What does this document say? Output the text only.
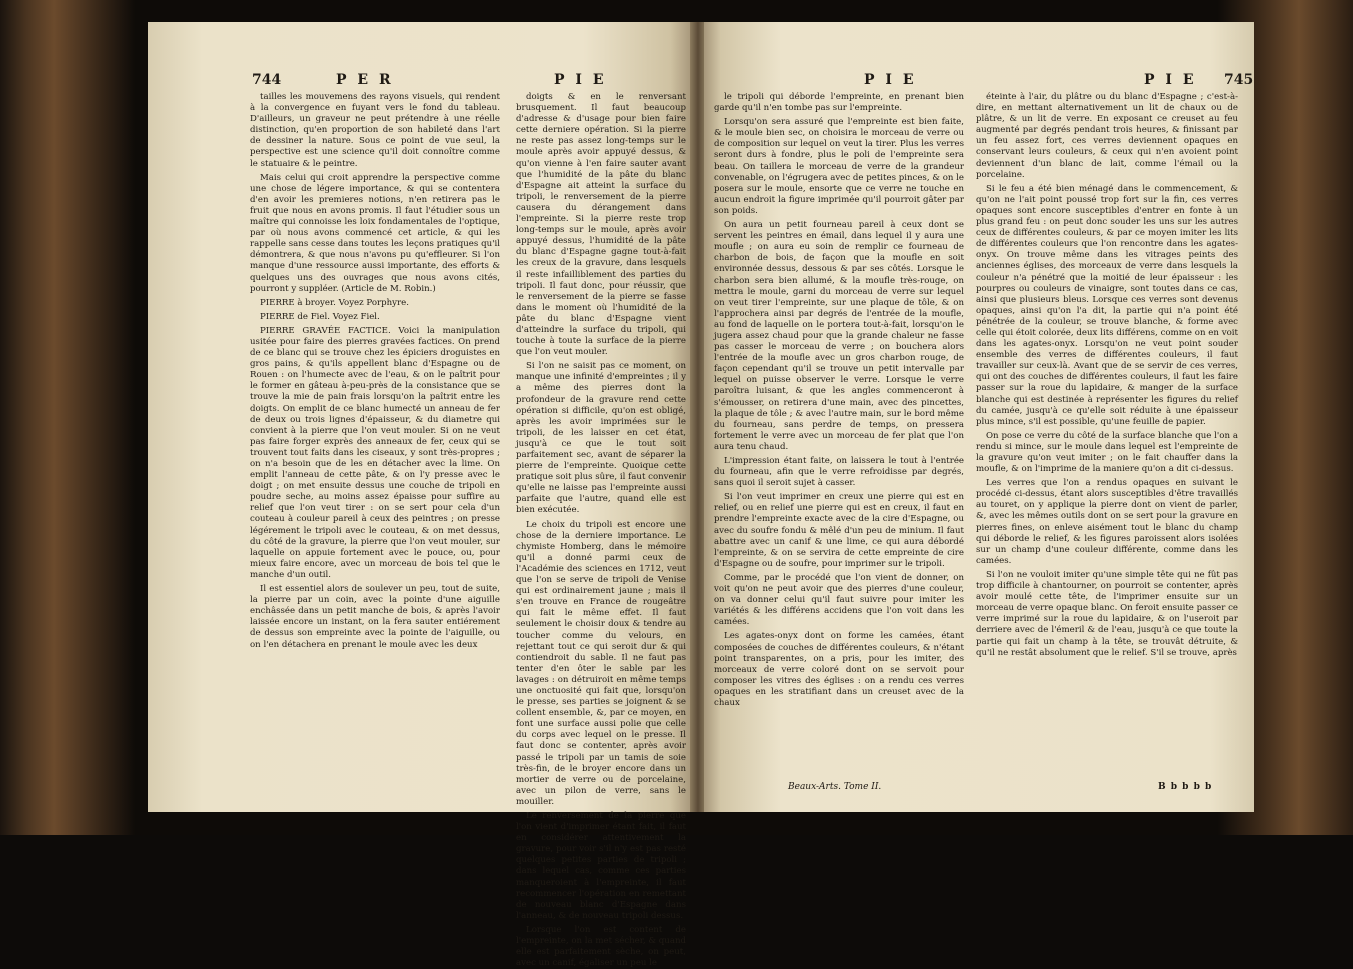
744	P E R	P I E

tailles les mouvemens des rayons visuels, qui rendent à la convergence en fuyant vers le fond du tableau. D'ailleurs, un graveur ne peut prétendre à une réelle distinction, qu'en proportion de son habileté dans l'art de dessiner la nature. Sous ce point de vue seul, la perspective est une science qu'il doit connoître comme le statuaire & le peintre.

Mais celui qui croit apprendre la perspective comme une chose de légere importance, & qui se contentera d'en avoir les premieres notions, n'en retirera pas le fruit que nous en avons promis. Il faut l'étudier sous un maître qui connoisse les loix fondamentales de l'optique, par où nous avons commencé cet article, & qui les rappelle sans cesse dans toutes les leçons pratiques qu'il démontrera, & que nous n'avons pu qu'effleurer. Si l'on manque d'une ressource aussi importante, des efforts & quelques uns des ouvrages que nous avons cités, pourront y suppléer. (Article de M. Robin.)

PIERRE à broyer. Voyez Porphyre.

PIERRE de Fiel. Voyez Fiel.

PIERRE GRAVÉE FACTICE. Voici la manipulation usitée pour faire des pierres gravées factices. On prend de ce blanc qui se trouve chez les épiciers droguistes en gros pains, & qu'ils appellent blanc d'Espagne ou de Rouen : on l'humecte avec de l'eau, & on le paîtrit pour le former en gâteau à-peu-près de la consistance que se trouve la mie de pain frais lorsqu'on la paîtrit entre les doigts. On emplit de ce blanc humecté un anneau de fer de deux ou trois lignes d'épaisseur, & du diametre qui convient à la pierre que l'on veut mouler. Si on ne veut pas faire forger exprès des anneaux de fer, ceux qui se trouvent tout faits dans les ciseaux, y sont très-propres ; on n'a besoin que de les en détacher avec la lime. On emplit l'anneau de cette pâte, & on l'y presse avec le doigt ; on met ensuite dessus une couche de tripoli en poudre seche, au moins assez épaisse pour suffire au relief que l'on veut tirer : on se sert pour cela d'un couteau à couleur pareil à ceux des peintres ; on presse légérement le tripoli avec le couteau, & on met dessus, du côté de la gravure, la pierre que l'on veut mouler, sur laquelle on appuie fortement avec le pouce, ou, pour mieux faire encore, avec un morceau de bois tel que le manche d'un outil.

Il est essentiel alors de soulever un peu, tout de suite, la pierre par un coin, avec la pointe d'une aiguille enchâssée dans un petit manche de bois, & après l'avoir laissée encore un instant, on la fera sauter entiérement de dessus son empreinte avec la pointe de l'aiguille, ou on l'en détachera en prenant le moule avec les deux

doigts & en le renversant brusquement. Il faut beaucoup d'adresse & d'usage pour bien faire cette derniere opération. Si la pierre ne reste pas assez long-temps sur le moule après avoir appuyé dessus, & qu'on vienne à l'en faire sauter avant que l'humidité de la pâte du blanc d'Espagne ait atteint la surface du tripoli, le renversement de la pierre causera du dérangement dans l'empreinte. Si la pierre reste trop long-temps sur le moule, après avoir appuyé dessus, l'humidité de la pâte du blanc d'Espagne gagne tout-à-fait les creux de la gravure, dans lesquels il reste infailliblement des parties du tripoli. Il faut donc, pour réussir, que le renversement de la pierre se fasse dans le moment où l'humidité de la pâte du blanc d'Espagne vient d'atteindre la surface du tripoli, qui touche à toute la surface de la pierre que l'on veut mouler.

Si l'on ne saisit pas ce moment, on manque une infinité d'empreintes ; il y a même des pierres dont la profondeur de la gravure rend cette opération si difficile, qu'on est obligé, après les avoir imprimées sur le tripoli, de les laisser en cet état, jusqu'à ce que le tout soit parfaitement sec, avant de séparer la pierre de l'empreinte. Quoique cette pratique soit plus sûre, il faut convenir qu'elle ne laisse pas l'empreinte aussi parfaite que l'autre, quand elle est bien exécutée.

Le choix du tripoli est encore une chose de la derniere importance. Le chymiste Homberg, dans le mémoire qu'il a donné parmi ceux de l'Académie des sciences en 1712, veut que l'on se serve de tripoli de Venise qui est ordinairement jaune ; mais il s'en trouve en France de rougeâtre qui fait le même effet. Il faut seulement le choisir doux & tendre au toucher comme du velours, en rejettant tout ce qui seroit dur & qui contiendroit du sable. Il ne faut pas tenter d'en ôter le sable par les lavages : on détruiroit en même temps une onctuosité qui fait que, lorsqu'on le presse, ses parties se joignent & se collent ensemble, &, par ce moyen, en font une surface aussi polie que celle du corps avec lequel on le presse. Il faut donc se contenter, après avoir passé le tripoli par un tamis de soie très-fin, de le broyer encore dans un mortier de verre ou de porcelaine, avec un pilon de verre, sans le mouiller.

Le renversement de la pierre que l'on vient d'imprimer étant fait, il faut en considérer attentivement la gravure, pour voir s'il n'y est pas resté quelques petites parties de tripoli ; dans lequel cas, comme ces parties manqueroient à l'empreinte, il faut recommencer l'opération en remettant de nouveau blanc d'Espagne dans l'anneau, & de nouveau tripoli dessus.

Lorsque l'on est content de l'empreinte, on la met sécher, & quand elle est parfaitement sèche, on peut, avec un canif, égaliser un peu le

P I E	P I E 745

le tripoli qui déborde l'empreinte, en prenant bien garde qu'il n'en tombe pas sur l'empreinte.

Lorsqu'on sera assuré que l'empreinte est bien faite, & le moule bien sec, on choisira le morceau de verre ou de composition sur lequel on veut la tirer. Plus les verres seront durs à fondre, plus le poli de l'empreinte sera beau. On taillera le morceau de verre de la grandeur convenable, on l'égrugera avec de petites pinces, & on le posera sur le moule, ensorte que ce verre ne touche en aucun endroit la figure imprimée qu'il pourroit gâter par son poids.

On aura un petit fourneau pareil à ceux dont se servent les peintres en émail, dans lequel il y aura une moufle ; on aura eu soin de remplir ce fourneau de charbon de bois, de façon que la moufle en soit environnée dessus, dessous & par ses côtés. Lorsque le charbon sera bien allumé, & la moufle très-rouge, on mettra le moule, garni du morceau de verre sur lequel on veut tirer l'empreinte, sur une plaque de tôle, & on l'approchera ainsi par degrés de l'entrée de la moufle, au fond de laquelle on le portera tout-à-fait, lorsqu'on le jugera assez chaud pour que la grande chaleur ne fasse pas casser le morceau de verre ; on bouchera alors l'entrée de la moufle avec un gros charbon rouge, de façon cependant qu'il se trouve un petit intervalle par lequel on puisse observer le verre. Lorsque le verre paroîtra luisant, & que les angles commenceront à s'émousser, on retirera d'une main, avec des pincettes, la plaque de tôle ; & avec l'autre main, sur le bord même du fourneau, sans perdre de temps, on pressera fortement le verre avec un morceau de fer plat que l'on aura tenu chaud.

L'impression étant faite, on laissera le tout à l'entrée du fourneau, afin que le verre refroidisse par degrés, sans quoi il seroit sujet à casser.

Si l'on veut imprimer en creux une pierre qui est en relief, ou en relief une pierre qui est en creux, il faut en prendre l'empreinte exacte avec de la cire d'Espagne, ou avec du soufre fondu & mêlé d'un peu de minium. Il faut abattre avec un canif & une lime, ce qui aura débordé l'empreinte, & on se servira de cette empreinte de cire d'Espagne ou de soufre, pour imprimer sur le tripoli.

Comme, par le procédé que l'on vient de donner, on voit qu'on ne peut avoir que des pierres d'une couleur, on va donner celui qu'il faut suivre pour imiter les variétés & les différens accidens que l'on voit dans les camées.

Les agates-onyx dont on forme les camées, étant composées de couches de différentes couleurs, & n'étant point transparentes, on a pris, pour les imiter, des morceaux de verre coloré dont on se servoit pour composer les vitres des églises : on a rendu ces verres opaques en les stratifiant dans un creuset avec de la chaux

éteinte à l'air, du plâtre ou du blanc d'Espagne ; c'est-à-dire, en mettant alternativement un lit de chaux ou de plâtre, & un lit de verre. En exposant ce creuset au feu augmenté par degrés pendant trois heures, & finissant par un feu assez fort, ces verres deviennent opaques en conservant leurs couleurs, & ceux qui n'en avoient point deviennent d'un blanc de lait, comme l'émail ou la porcelaine.

Si le feu a été bien ménagé dans le commencement, & qu'on ne l'ait point poussé trop fort sur la fin, ces verres opaques sont encore susceptibles d'entrer en fonte à un plus grand feu : on peut donc souder les uns sur les autres ceux de différentes couleurs, & par ce moyen imiter les lits de différentes couleurs que l'on rencontre dans les agates-onyx. On trouve même dans les vitrages peints des anciennes églises, des morceaux de verre dans lesquels la couleur n'a pénétré que la moitié de leur épaisseur : les pourpres ou couleurs de vinaigre, sont toutes dans ce cas, ainsi que plusieurs bleus. Lorsque ces verres sont devenus opaques, ainsi qu'on l'a dit, la partie qui n'a point été pénétrée de la couleur, se trouve blanche, & forme avec celle qui étoit colorée, deux lits différens, comme on en voit dans les agates-onyx. Lorsqu'on ne veut point souder ensemble des verres de différentes couleurs, il faut travailler sur ceux-là. Avant que de se servir de ces verres, qui ont des couches de différentes couleurs, il faut les faire passer sur la roue du lapidaire, & manger de la surface blanche qui est destinée à représenter les figures du relief du camée, jusqu'à ce qu'elle soit réduite à une épaisseur plus mince, s'il est possible, qu'une feuille de papier.

On pose ce verre du côté de la surface blanche que l'on a rendu si mince, sur le moule dans lequel est l'empreinte de la gravure qu'on veut imiter ; on le fait chauffer dans la moufle, & on l'imprime de la maniere qu'on a dit ci-dessus.

Les verres que l'on a rendus opaques en suivant le procédé ci-dessus, étant alors susceptibles d'être travaillés au touret, on y applique la pierre dont on vient de parler, &, avec les mêmes outils dont on se sert pour la gravure en pierres fines, on enleve aisément tout le blanc du champ qui déborde le relief, & les figures paroissent alors isolées sur un champ d'une couleur différente, comme dans les camées.

Si l'on ne vouloit imiter qu'une simple tête qui ne fût pas trop difficile à chantourner, on pourroit se contenter, après avoir moulé cette tête, de l'imprimer ensuite sur un morceau de verre opaque blanc. On feroit ensuite passer ce verre imprimé sur la roue du lapidaire, & on l'useroit par derriere avec de l'émeril & de l'eau, jusqu'à ce que toute la partie qui fait un champ à la tête, se trouvât détruite, & qu'il ne restât absolument que le relief. S'il se trouve, après

Beaux-Arts. Tome II.	B b b b b
